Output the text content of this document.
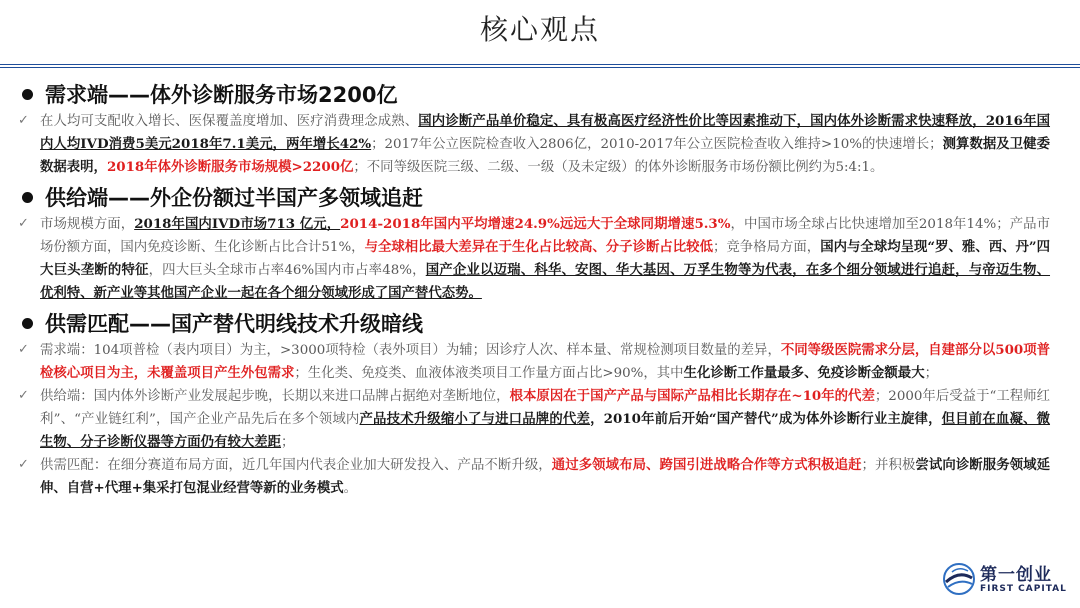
核心观点
需求端——体外诊断服务市场2200亿
✓ 在人均可支配收入增长、医保覆盖度增加、医疗消费理念成熟、国内诊断产品单价稳定、具有极高医疗经济性价比等因素推动下，国内体外诊断需求快速释放，2016年国内人均IVD消费5美元2018年7.1美元，两年增长42%；2017年公立医院检查收入2806亿，2010-2017年公立医院检查收入维持>10%的快速增长；测算数据及卫健委数据表明，2018年体外诊断服务市场规模>2200亿；不同等级医院三级、二级、一级（及未定级）的体外诊断服务市场份额比例约为5:4:1。
供给端——外企份额过半国产多领域追赶
✓ 市场规模方面，2018年国内IVD市场713 亿元，2014-2018年国内平均增速24.9%远远大于全球同期增速5.3%，中国市场全球占比快速增加至2018年14%；产品市场份额方面，国内免疫诊断、生化诊断占比合计51%，与全球相比最大差异在于生化占比较高、分子诊断占比较低；竞争格局方面，国内与全球均呈现“罗、雅、西、丹”四大巨头垄断的特征，四大巨头全球市占率46%国内市占率48%，国产企业以迈瑞、科华、安图、华大基因、万孚生物等为代表，在多个细分领域进行追赶，与帝迈生物、优利特、新产业等其他国产企业一起在各个细分领域形成了国产替代态势。
供需匹配——国产替代明线技术升级暗线
✓ 需求端：104项普检（表内项目）为主，>3000项特检（表外项目）为辅；因诊疗人次、样本量、常规检测项目数量的差异，不同等级医院需求分层，自建部分以500项普检核心项目为主，未覆盖项目产生外包需求；生化类、免疫类、血液体液类项目工作量方面占比>90%，其中生化诊断工作量最多、免疫诊断金额最大；
✓ 供给端：国内体外诊断产业发展起步晚，长期以来进口品牌占据绝对垄断地位，根本原因在于国产产品与国际产品相比长期存在~10年的代差；2000年后受益于“工程师红利”、“产业链红利”，国产企业产品先后在多个领域内产品技术升级缩小了与进口品牌的代差，2010年前后开始“国产替代”成为体外诊断行业主旋律，但目前在血凝、微生物、分子诊断仪器等方面仍有较大差距；
✓ 供需匹配：在细分赛道布局方面，近几年国内代表企业加大研发投入、产品不断升级，通过多领域布局、跨国引进战略合作等方式积极追赶；并积极尝试向诊断服务领域延伸、自营+代理+集采打包混业经营等新的业务模式。
第一创业
FIRST CAPITAL
